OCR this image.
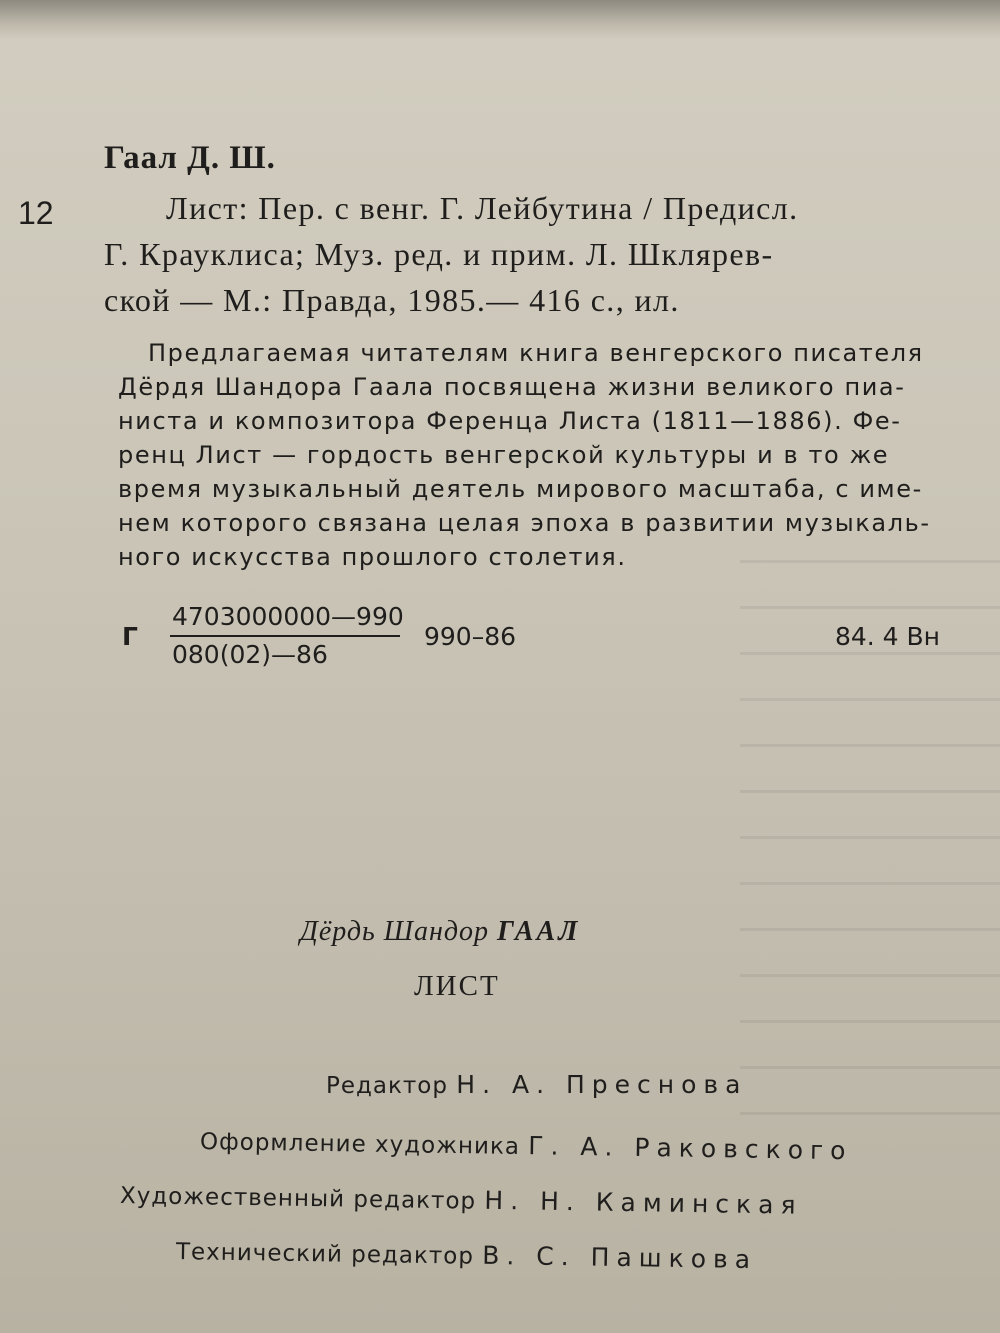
Гаал Д. Ш.
12	Лист: Пер. с венг. Г. Лейбутина / Предисл.
Г. Крауклиса; Муз. ред. и прим. Л. Шклярев-
ской — М.: Правда, 1985.— 416 с., ил.
Предлагаемая читателям книга венгерского писателя
Дёрдя Шандора Гаала посвящена жизни великого пиа-
ниста и композитора Ференца Листа (1811—1886). Фе-
ренц Лист — гордость венгерской культуры и в то же
время музыкальный деятель мирового масштаба, с име-
нем которого связана целая эпоха в развитии музыкаль-
ного искусства прошлого столетия.
Г
4703000000—990
080(02)—86
990–86	84. 4 Вн
Дёрдь Шандор ГААЛ
ЛИСТ
Редактор Н. А. Преснова
Оформление художника Г. А. Раковского
Художественный редактор Н. Н. Каминская
Технический редактор В. С. Пашкова
